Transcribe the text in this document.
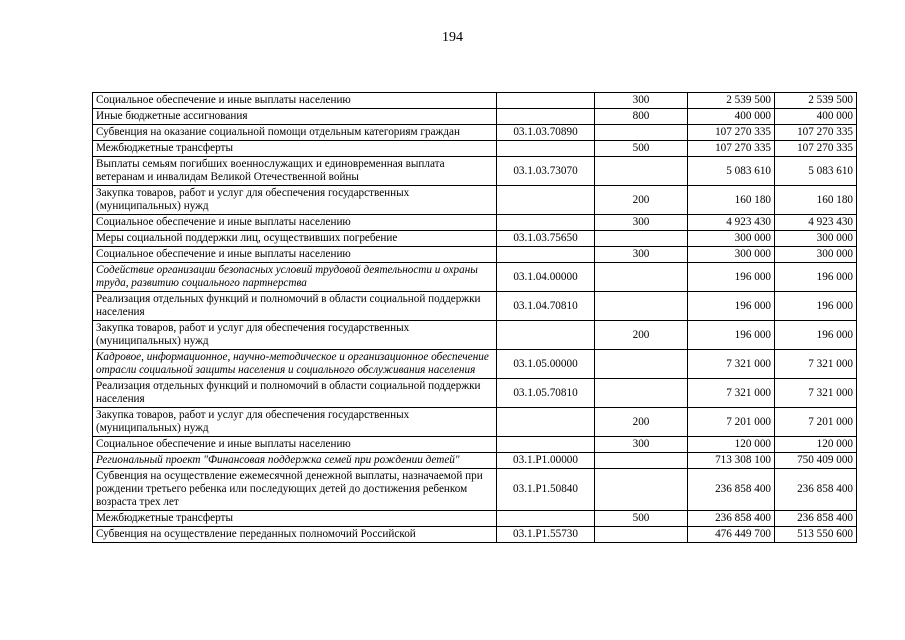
194
Социальное обеспечение и иные выплаты населению		300	2 539 500	2 539 500
Иные бюджетные ассигнования		800	400 000	400 000
Субвенция на оказание социальной помощи отдельным категориям граждан	03.1.03.70890		107 270 335	107 270 335
Межбюджетные трансферты		500	107 270 335	107 270 335
Выплаты семьям погибших военнослужащих и единовременная выплата ветеранам и инвалидам Великой Отечественной войны	03.1.03.73070		5 083 610	5 083 610
Закупка товаров, работ и услуг для обеспечения государственных (муниципальных) нужд		200	160 180	160 180
Социальное обеспечение и иные выплаты населению		300	4 923 430	4 923 430
Меры социальной поддержки лиц, осуществивших погребение	03.1.03.75650		300 000	300 000
Социальное обеспечение и иные выплаты населению		300	300 000	300 000
Содействие организации безопасных условий трудовой деятельности и охраны труда, развитию социального партнерства	03.1.04.00000		196 000	196 000
Реализация отдельных функций и полномочий в области социальной поддержки населения	03.1.04.70810		196 000	196 000
Закупка товаров, работ и услуг для обеспечения государственных (муниципальных) нужд		200	196 000	196 000
Кадровое, информационное, научно-методическое и организационное обеспечение отрасли социальной защиты населения и социального обслуживания населения	03.1.05.00000		7 321 000	7 321 000
Реализация отдельных функций и полномочий в области социальной поддержки населения	03.1.05.70810		7 321 000	7 321 000
Закупка товаров, работ и услуг для обеспечения государственных (муниципальных) нужд		200	7 201 000	7 201 000
Социальное обеспечение и иные выплаты населению		300	120 000	120 000
Региональный проект "Финансовая поддержка семей при рождении детей"	03.1.P1.00000		713 308 100	750 409 000
Субвенция на осуществление ежемесячной денежной выплаты, назначаемой при рождении третьего ребенка или последующих детей до достижения ребенком возраста трех лет	03.1.P1.50840		236 858 400	236 858 400
Межбюджетные трансферты		500	236 858 400	236 858 400
Субвенция на осуществление переданных полномочий Российской	03.1.P1.55730		476 449 700	513 550 600
